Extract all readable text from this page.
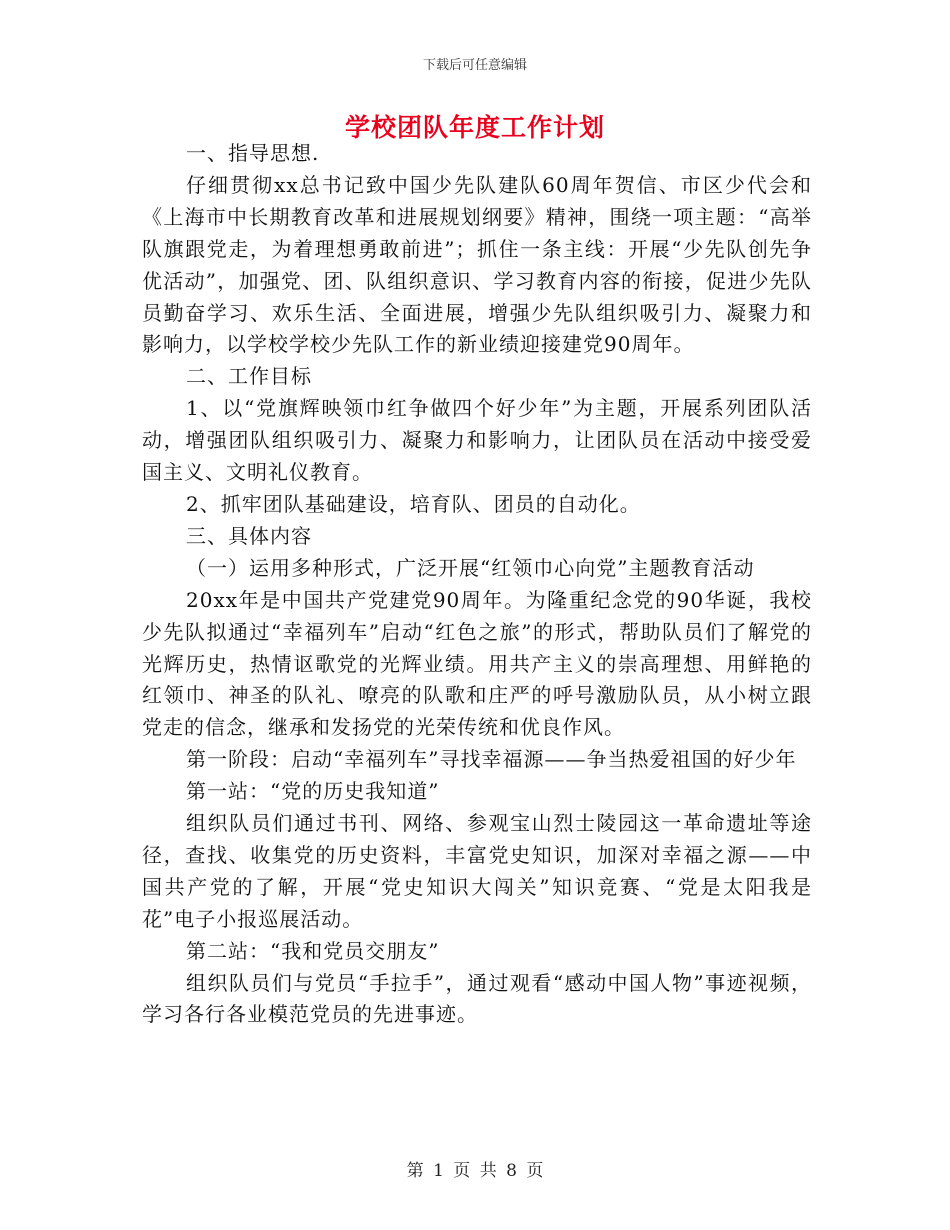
下载后可任意编辑
学校团队年度工作计划

一、指导思想.

仔细贯彻xx总书记致中国少先队建队60周年贺信、市区少代会和《上海市中长期教育改革和进展规划纲要》精神，围绕一项主题：“高举队旗跟党走，为着理想勇敢前进”；抓住一条主线：开展“少先队创先争优活动”，加强党、团、队组织意识、学习教育内容的衔接，促进少先队员勤奋学习、欢乐生活、全面进展，增强少先队组织吸引力、凝聚力和影响力，以学校学校少先队工作的新业绩迎接建党90周年。

二、工作目标

1、以“党旗辉映领巾红争做四个好少年”为主题，开展系列团队活动，增强团队组织吸引力、凝聚力和影响力，让团队员在活动中接受爱国主义、文明礼仪教育。

2、抓牢团队基础建设，培育队、团员的自动化。

三、具体内容

（一）运用多种形式，广泛开展“红领巾心向党”主题教育活动

20xx年是中国共产党建党90周年。为隆重纪念党的90华诞，我校少先队拟通过“幸福列车”启动“红色之旅”的形式，帮助队员们了解党的光辉历史，热情讴歌党的光辉业绩。用共产主义的崇高理想、用鲜艳的红领巾、神圣的队礼、嘹亮的队歌和庄严的呼号激励队员，从小树立跟党走的信念，继承和发扬党的光荣传统和优良作风。

第一阶段：启动“幸福列车”寻找幸福源——争当热爱祖国的好少年

第一站：“党的历史我知道”

组织队员们通过书刊、网络、参观宝山烈士陵园这一革命遗址等途径，查找、收集党的历史资料，丰富党史知识，加深对幸福之源——中国共产党的了解，开展“党史知识大闯关”知识竞赛、“党是太阳我是花”电子小报巡展活动。

第二站：“我和党员交朋友”

组织队员们与党员“手拉手”，通过观看“感动中国人物”事迹视频，学习各行各业模范党员的先进事迹。

第 1 页 共 8 页
